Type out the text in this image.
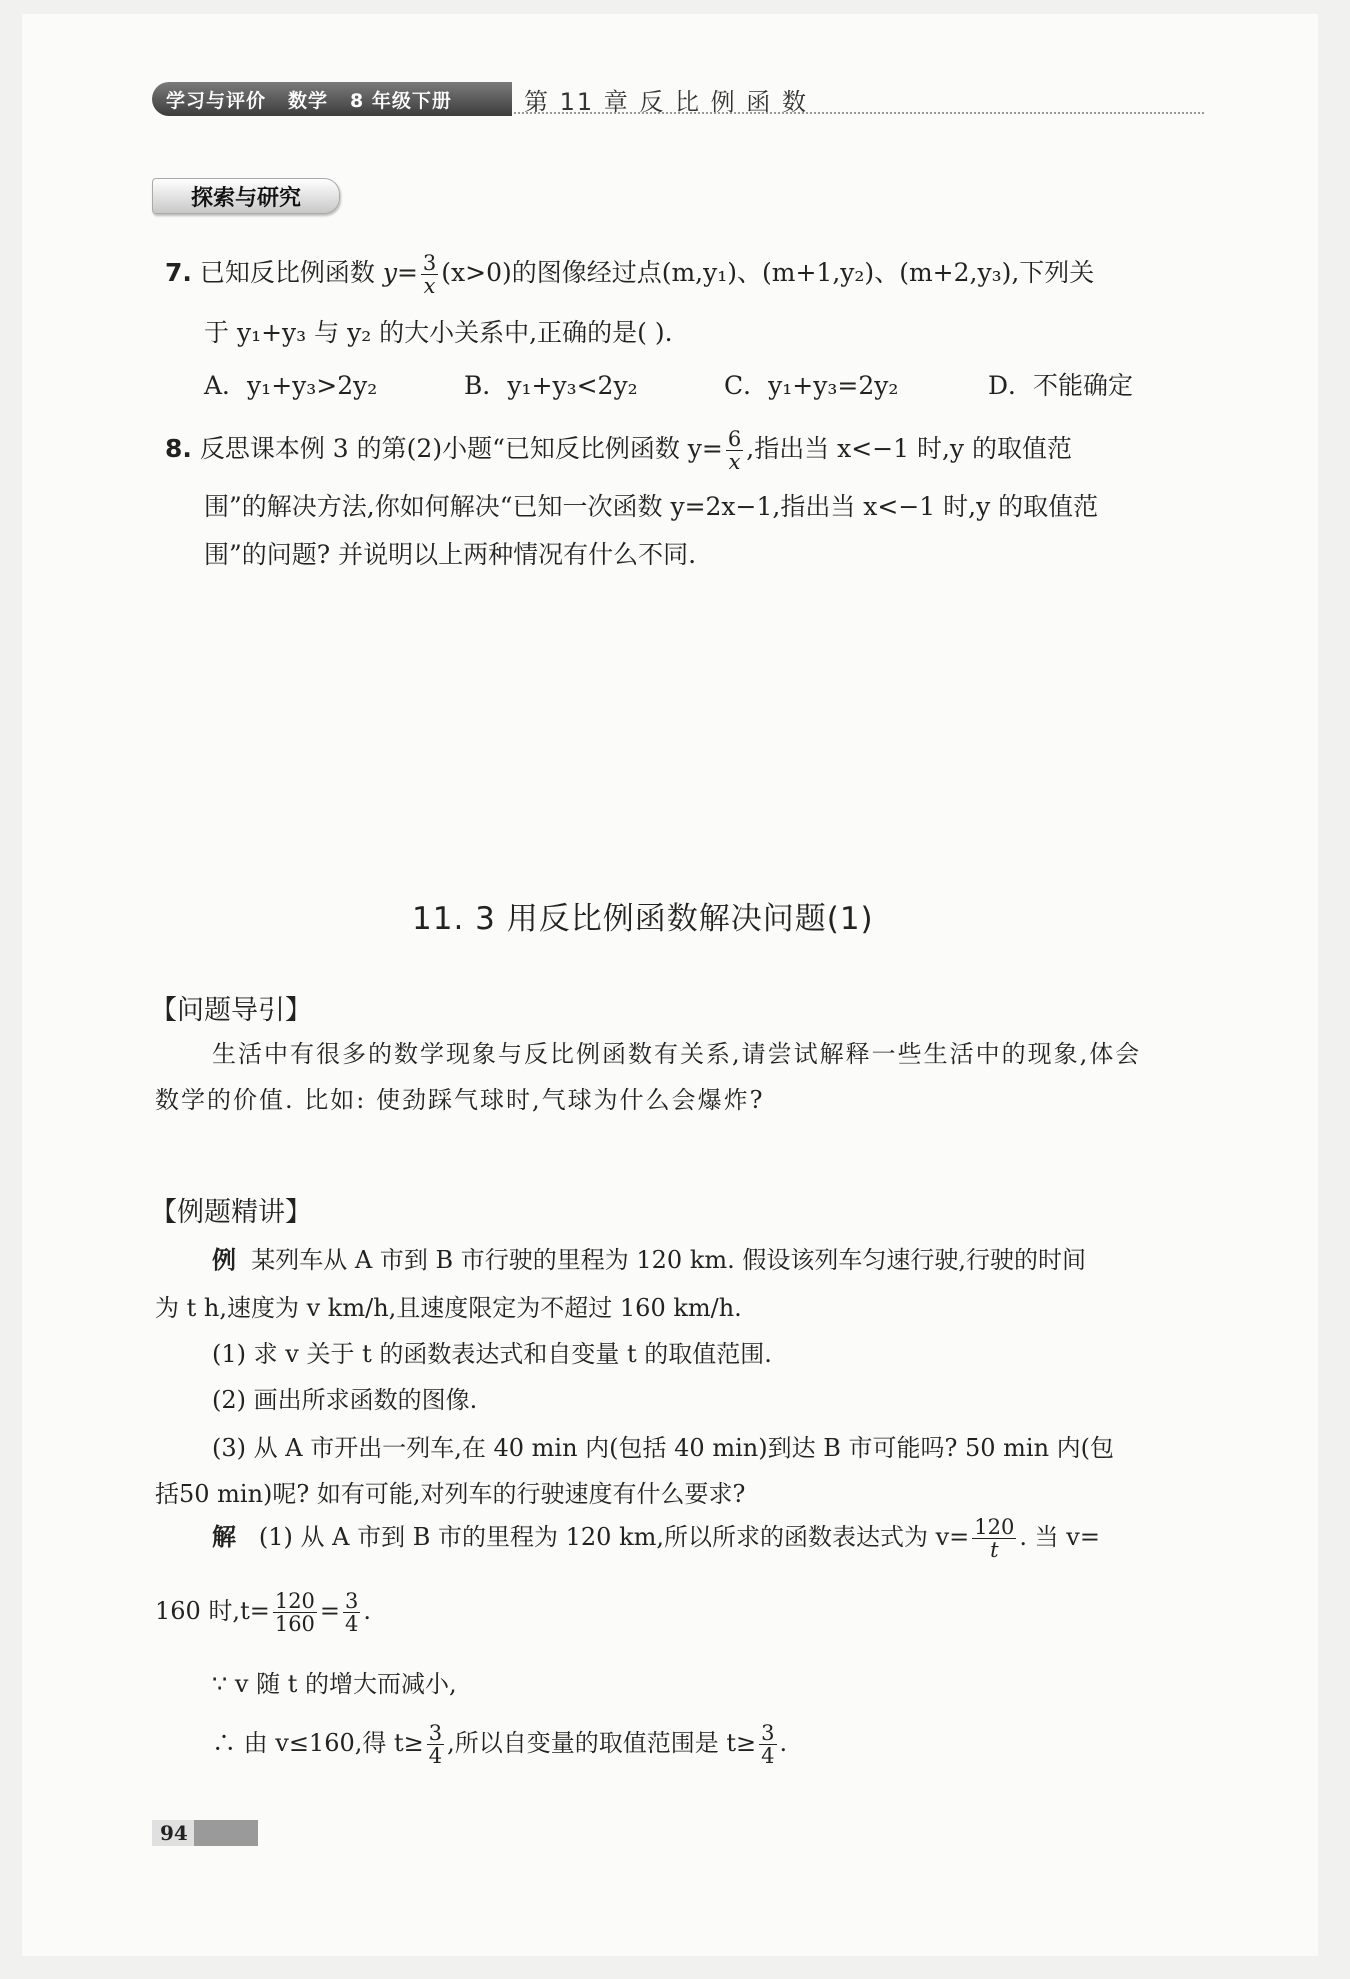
学习与评价 数学 8 年级下册	第 11 章 反 比 例 函 数
探索与研究
7. 已知反比例函数 $y= \frac{3}{x} (x>0)$的图像经过点(m,y₁)、(m+1,y₂)、(m+2,y₃),下列关
于 y₁+y₃ 与 y₂ 的大小关系中,正确的是( ).
A．y₁+y₃>2y₂	B．y₁+y₃<2y₂	C．y₁+y₃=2y₂	D．不能确定
8. 反思课本例 3 的第(2)小题“已知反比例函数 $y= \frac{6}{x}$ ,指出当 x<−1 时,y 的取值范
围”的解决方法,你如何解决“已知一次函数 y=2x−1,指出当 x<−1 时,y 的取值范
围”的问题? 并说明以上两种情况有什么不同.
11. 3 用反比例函数解决问题(1)
【问题导引】
生活中有很多的数学现象与反比例函数有关系,请尝试解释一些生活中的现象,体会
数学的价值. 比如: 使劲踩气球时,气球为什么会爆炸?
【例题精讲】
例 某列车从 A 市到 B 市行驶的里程为 120 km. 假设该列车匀速行驶,行驶的时间
为 t h,速度为 v km/h,且速度限定为不超过 160 km/h.
(1) 求 v 关于 t 的函数表达式和自变量 t 的取值范围.
(2) 画出所求函数的图像.
(3) 从 A 市开出一列车,在 40 min 内(包括 40 min)到达 B 市可能吗? 50 min 内(包
括50 min)呢? 如有可能,对列车的行驶速度有什么要求?
解 (1) 从 A 市到 B 市的里程为 120 km,所以所求的函数表达式为 $v= \frac{120}{t}$ . 当 v=
160 时$,t= \frac{120}{160} = \frac{3}{4}$ .
∵ v 随 t 的增大而减小,
∴ 由 v≤160,得 $t\ge \frac{3}{4}$ ,所以自变量的取值范围是 $t\ge \frac{3}{4}$ .
94
